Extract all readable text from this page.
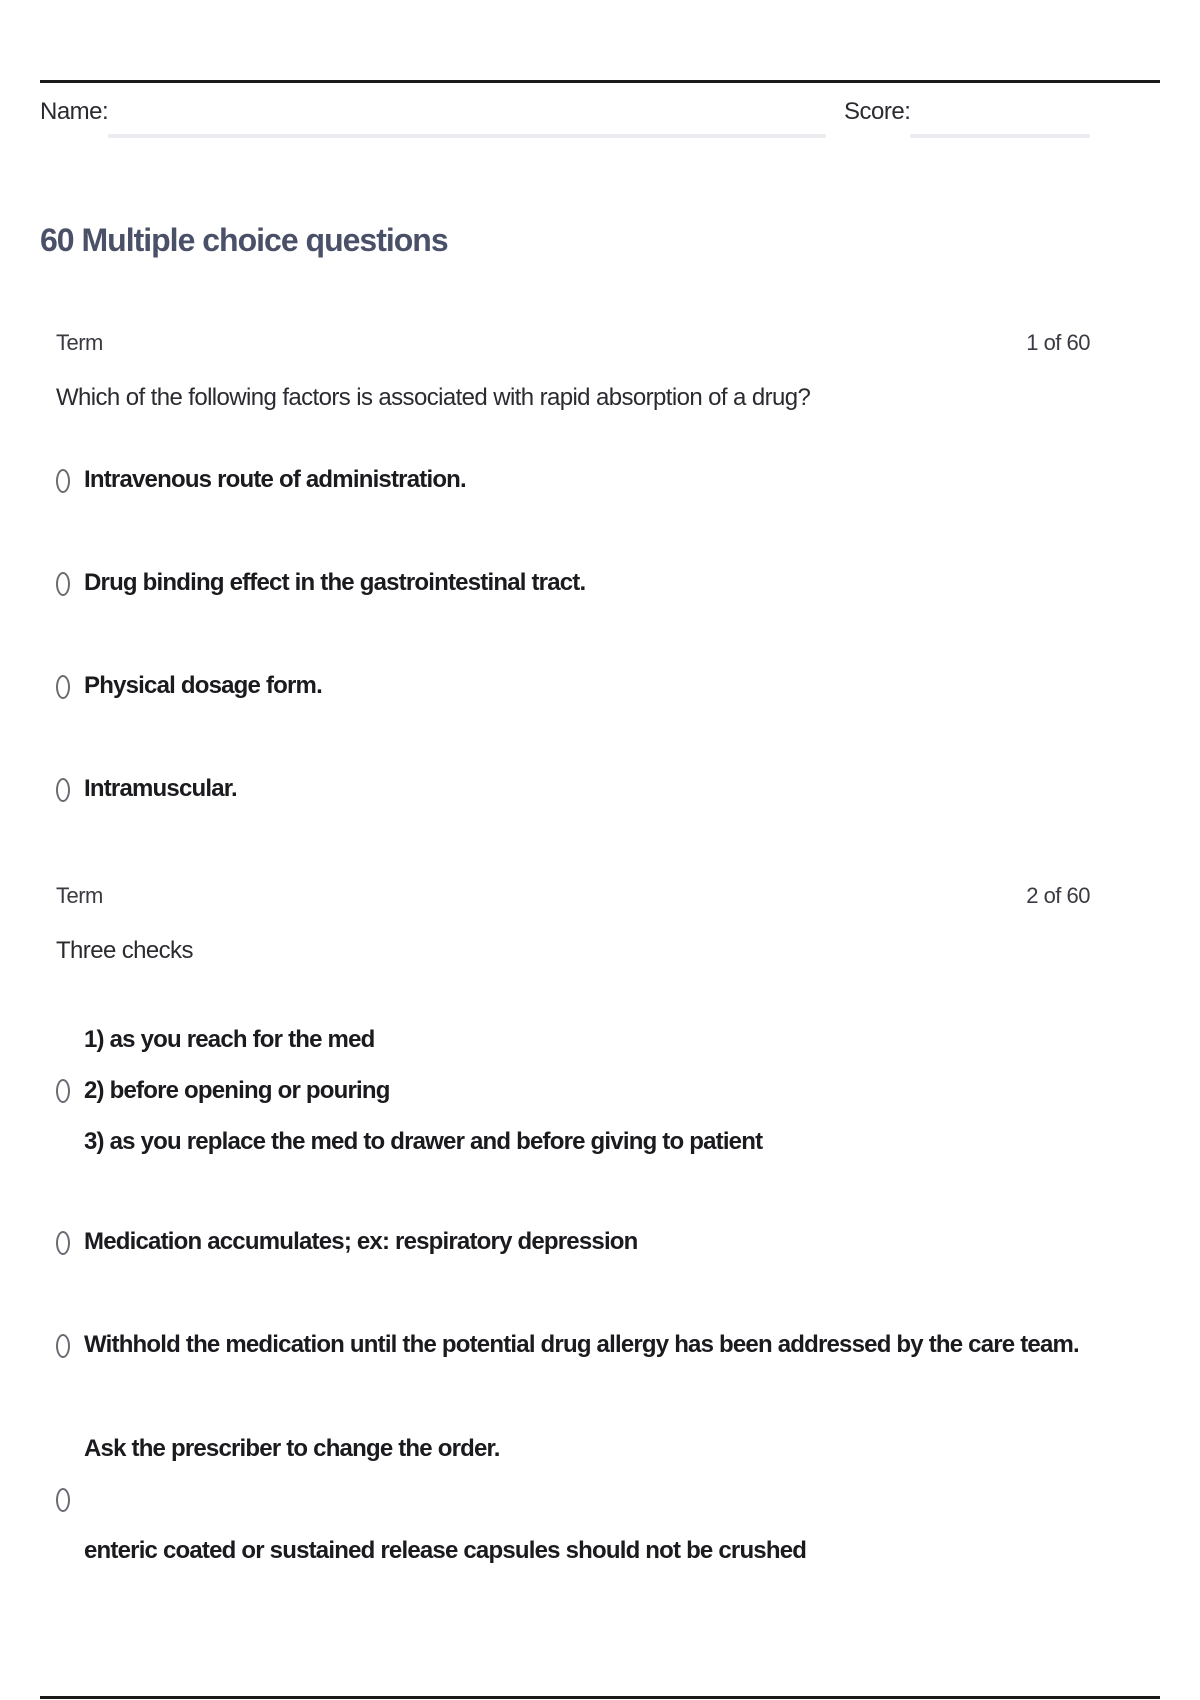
Name:	Score:
60 Multiple choice questions
Term	1 of 60
Which of the following factors is associated with rapid absorption of a drug?
Intravenous route of administration.
Drug binding effect in the gastrointestinal tract.
Physical dosage form.
Intramuscular.
Term	2 of 60
Three checks
1) as you reach for the med
2) before opening or pouring
3) as you replace the med to drawer and before giving to patient
Medication accumulates; ex: respiratory depression
Withhold the medication until the potential drug allergy has been addressed by the care team.
Ask the prescriber to change the order.
enteric coated or sustained release capsules should not be crushed
